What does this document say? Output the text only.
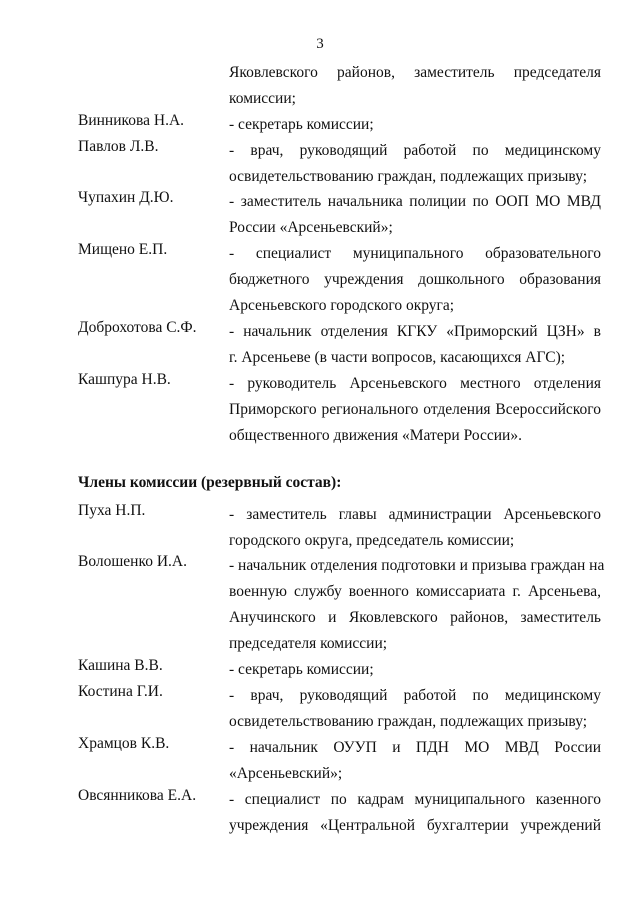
3
Яковлевского районов, заместитель председателя
комиссии;
Винникова Н.А.	- секретарь комиссии;
Павлов Л.В.	- врач, руководящий работой по медицинскому
освидетельствованию граждан, подлежащих призыву;
Чупахин Д.Ю.	- заместитель начальника полиции по ООП МО МВД
России «Арсеньевский»;
Мищено Е.П.	- специалист муниципального образовательного
бюджетного учреждения дошкольного образования
Арсеньевского городского округа;
Доброхотова С.Ф. - начальник отделения КГКУ «Приморский ЦЗН» в
г. Арсеньеве (в части вопросов, касающихся АГС);
Кашпура Н.В.	- руководитель Арсеньевского местного отделения
Приморского регионального отделения Всероссийского
общественного движения «Матери России».
Члены комиссии (резервный состав):
Пуха Н.П.	- заместитель главы администрации Арсеньевского
городского округа, председатель комиссии;
Волошенко И.А.	- начальник отделения подготовки и призыва граждан на
военную службу военного комиссариата г. Арсеньева,
Анучинского и Яковлевского районов, заместитель
председателя комиссии;
Кашина В.В.	- секретарь комиссии;
Костина Г.И.	- врач, руководящий работой по медицинскому
освидетельствованию граждан, подлежащих призыву;
Храмцов К.В.	- начальник ОУУП и ПДН МО МВД России
«Арсеньевский»;
Овсянникова Е.А. - специалист по кадрам муниципального казенного
учреждения «Центральной бухгалтерии учреждений
